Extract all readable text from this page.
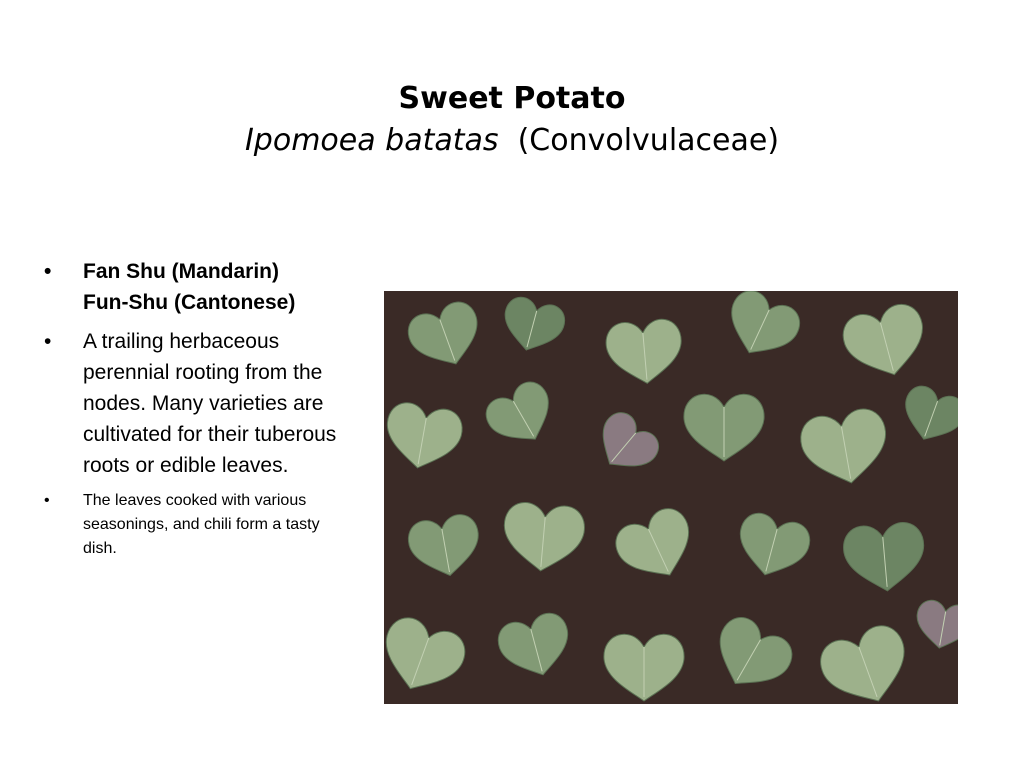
Sweet Potato
Ipomoea batatas (Convolvulaceae)
• Fan Shu (Mandarin)
Fun-Shu (Cantonese)
• A trailing herbaceous perennial rooting from the nodes. Many varieties are cultivated for their tuberous roots or edible leaves.
• The leaves cooked with various seasonings, and chili form a tasty dish.
